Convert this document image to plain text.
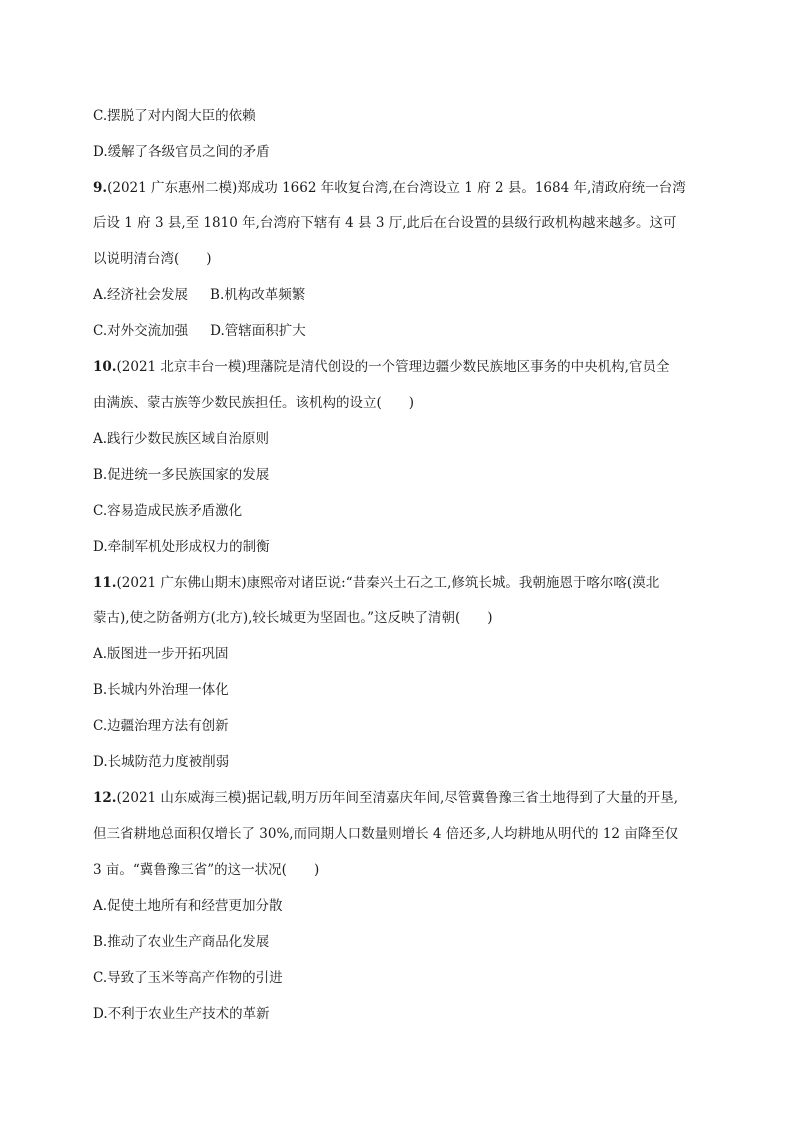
C.摆脱了对内阁大臣的依赖
D.缓解了各级官员之间的矛盾
9.(2021 广东惠州二模)郑成功 1662 年收复台湾,在台湾设立 1 府 2 县。1684 年,清政府统一台湾
后设 1 府 3 县,至 1810 年,台湾府下辖有 4 县 3 厅,此后在台设置的县级行政机构越来越多。这可
以说明清台湾(　　)
A.经济社会发展 B.机构改革频繁
C.对外交流加强 D.管辖面积扩大
10.(2021 北京丰台一模)理藩院是清代创设的一个管理边疆少数民族地区事务的中央机构,官员全
由满族、蒙古族等少数民族担任。该机构的设立(　　)
A.践行少数民族区域自治原则
B.促进统一多民族国家的发展
C.容易造成民族矛盾激化
D.牵制军机处形成权力的制衡
11.(2021 广东佛山期末)康熙帝对诸臣说:“昔秦兴土石之工,修筑长城。我朝施恩于喀尔喀(漠北
蒙古),使之防备朔方(北方),较长城更为坚固也。”这反映了清朝(　　)
A.版图进一步开拓巩固
B.长城内外治理一体化
C.边疆治理方法有创新
D.长城防范力度被削弱
12.(2021 山东威海三模)据记载,明万历年间至清嘉庆年间,尽管冀鲁豫三省土地得到了大量的开垦,
但三省耕地总面积仅增长了 30%,而同期人口数量则增长 4 倍还多,人均耕地从明代的 12 亩降至仅
3 亩。“冀鲁豫三省”的这一状况(　　)
A.促使土地所有和经营更加分散
B.推动了农业生产商品化发展
C.导致了玉米等高产作物的引进
D.不利于农业生产技术的革新
